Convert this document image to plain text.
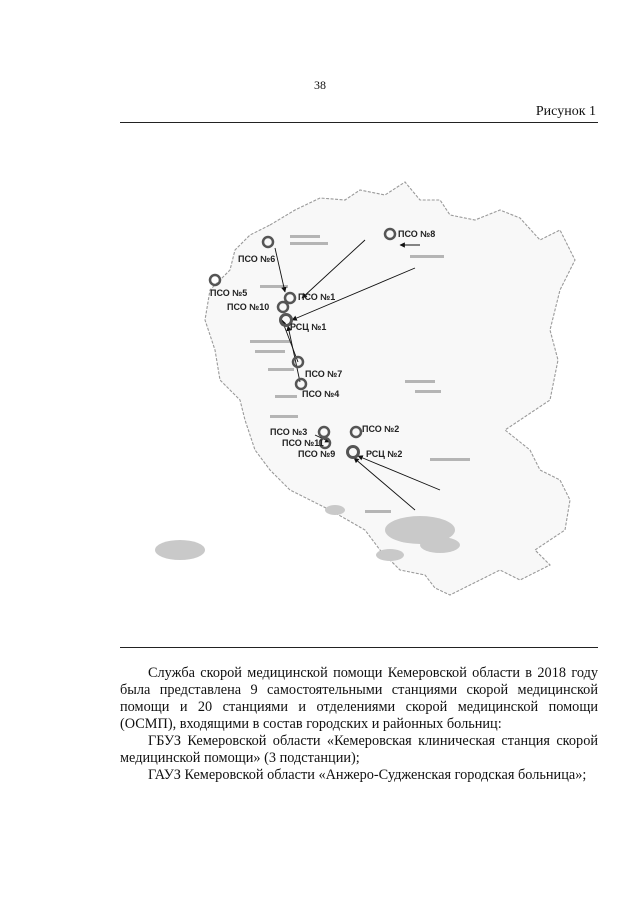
38
Рисунок 1
ПСО №6
ПСО №8
ПСО №5	ПСО №1
ПСО №10
РСЦ №1
ПСО №7
ПСО №4
ПСО №3	ПСО №2
ПСО №11
ПСО №9	РСЦ №2

Служба скорой медицинской помощи Кемеровской области в 2018 году была представлена 9 самостоятельными станциями скорой медицинской помощи и 20 станциями и отделениями скорой медицинской помощи (ОСМП), входящими в состав городских и районных больниц:

ГБУЗ Кемеровской области «Кемеровская клиническая станция скорой медицинской помощи» (3 подстанции);

ГАУЗ Кемеровской области «Анжеро-Судженская городская больница»;
